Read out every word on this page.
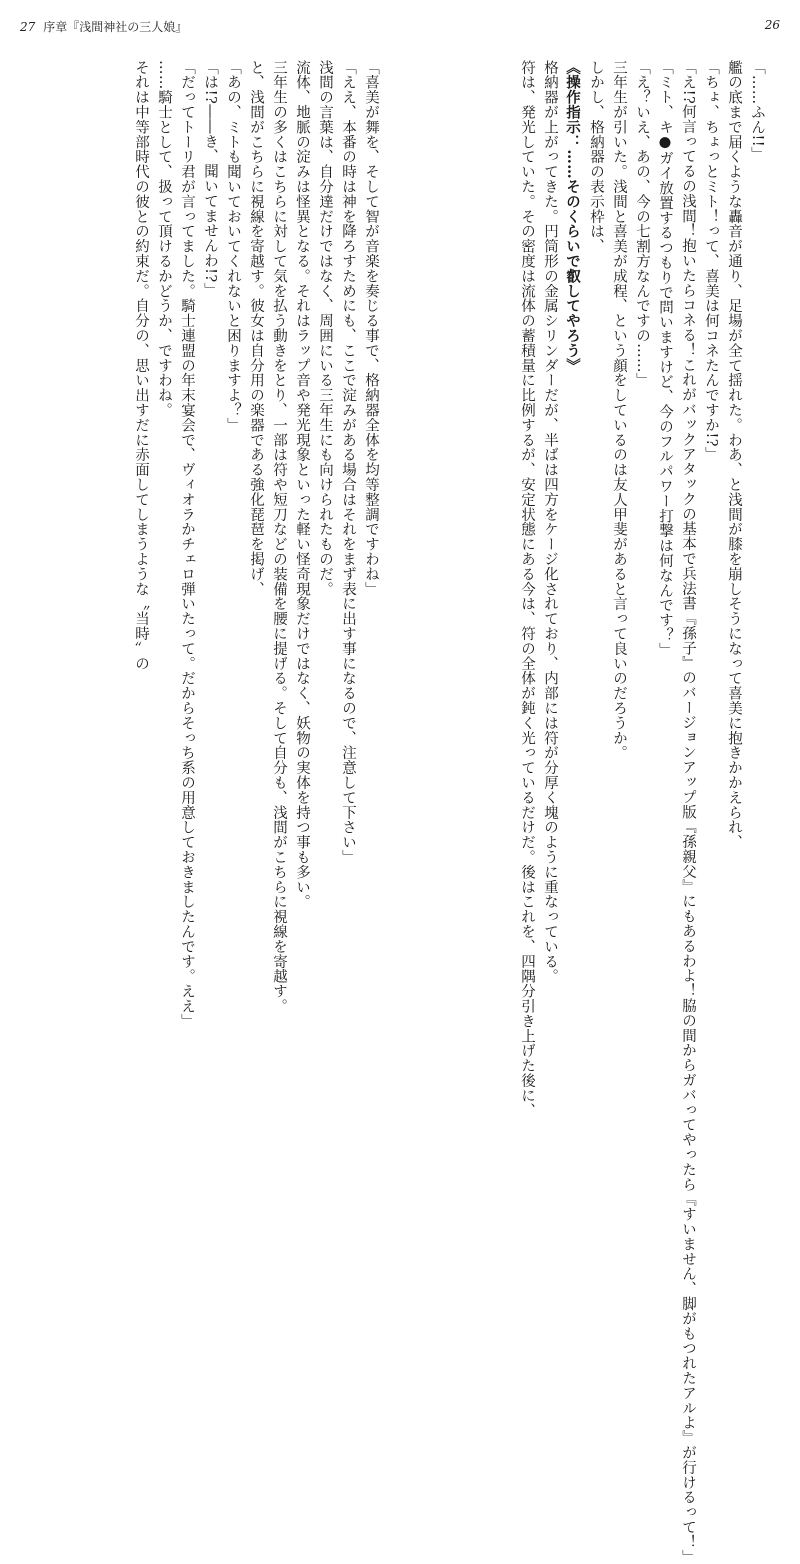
27 序章『浅間神社の三人娘』	26
「……ふん!!」
艦の底まで届くような轟音が通り、足場が全て揺れた。わあ、と浅間が膝を崩しそうになって喜美に抱きかかえられ、
「ちょ、ちょっとミト！って、喜美は何コネたんですか!?」
「え!?何言ってるの浅間！抱いたらコネる！これがバックアタックの基本で兵法書『孫子』のバージョンアップ版『孫親父』にもあるわよ！脇の間からガバってやったら『すいません、脚がもつれたアルよ』が行けるって！」
「ミト、キ●ガイ放置するつもりで問いますけど、今のフルパワー打撃は何なんです？」
「え？いえ、あの、今の七割方なんですの……」
三年生が引いた。浅間と喜美が成程、という顔をしているのは友人甲斐があると言って良いのだろうか。
しかし、格納器の表示枠は、
《操作指示：……そのくらいで叡してやろう》
格納器が上がってきた。円筒形の金属シリンダーだが、半ばは四方をケージ化されており、内部には符が分厚く塊のように重なっている。
符は、発光していた。その密度は流体の蓄積量に比例するが、安定状態にある今は、符の全体が鈍く光っているだけだ。後はこれを、四隅分引き上げた後に、
「喜美が舞を、そして智が音楽を奏じる事で、格納器全体を均等整調ですわね」
「ええ、本番の時は神を降ろすためにも、ここで淀みがある場合はそれをまず表に出す事になるので、注意して下さい」
浅間の言葉は、自分達だけではなく、周囲にいる三年生にも向けられたものだ。
流体、地脈の淀みは怪異となる。それはラップ音や発光現象といった軽い怪奇現象だけではなく、妖物の実体を持つ事も多い。
三年生の多くはこちらに対して気を払う動きをとり、一部は符や短刀などの装備を腰に提げる。そして自分も、浅間がこちらに視線を寄越す。
と、浅間がこちらに視線を寄越す。彼女は自分用の楽器である強化琵琶を掲げ、
「あの、ミトも聞いておいてくれないと困りますよ？」
「は!?――き、聞いてませんわ!?」
「だってトーリ君が言ってました。騎士連盟の年末宴会で、ヴィオラかチェロ弾いたって。だからそっち系の用意しておきましたんです。ええ」
……騎士として、扱って頂けるかどうか、ですわね。
それは中等部時代の彼との約束だ。自分の、思い出すだに赤面してしまうような〝当時〟の
